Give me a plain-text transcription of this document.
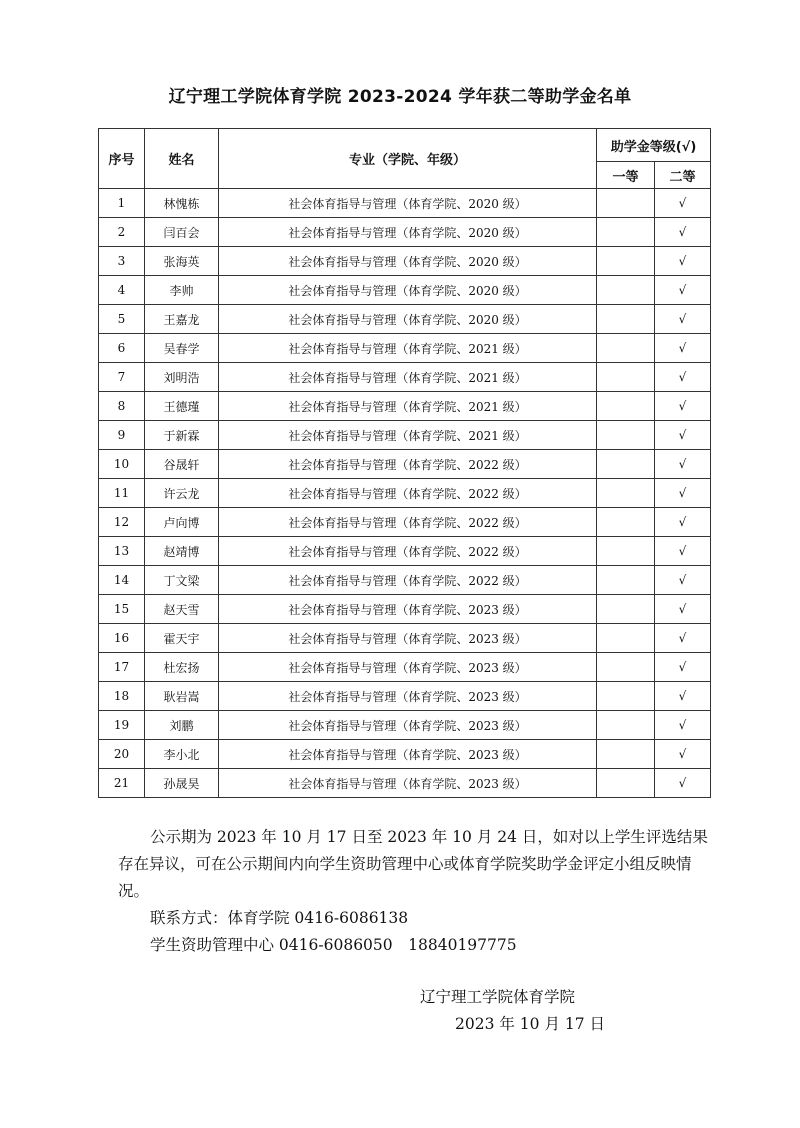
辽宁理工学院体育学院 2023-2024 学年获二等助学金名单
序号	姓名	专业（学院、年级）	助学金等级(√)	
			一等	二等
1	林愧栋	社会体育指导与管理（体育学院、2020 级）		√
2	闫百会	社会体育指导与管理（体育学院、2020 级）		√
3	张海英	社会体育指导与管理（体育学院、2020 级）		√
4	李帅	社会体育指导与管理（体育学院、2020 级）		√
5	王嘉龙	社会体育指导与管理（体育学院、2020 级）		√
6	吴春学	社会体育指导与管理（体育学院、2021 级）		√
7	刘明浩	社会体育指导与管理（体育学院、2021 级）		√
8	王德瑾	社会体育指导与管理（体育学院、2021 级）		√
9	于新霖	社会体育指导与管理（体育学院、2021 级）		√
10	谷晟轩	社会体育指导与管理（体育学院、2022 级）		√
11	许云龙	社会体育指导与管理（体育学院、2022 级）		√
12	卢向博	社会体育指导与管理（体育学院、2022 级）		√
13	赵靖博	社会体育指导与管理（体育学院、2022 级）		√
14	丁文梁	社会体育指导与管理（体育学院、2022 级）		√
15	赵天雪	社会体育指导与管理（体育学院、2023 级）		√
16	霍天宇	社会体育指导与管理（体育学院、2023 级）		√
17	杜宏扬	社会体育指导与管理（体育学院、2023 级）		√
18	耿岩嵩	社会体育指导与管理（体育学院、2023 级）		√
19	刘鹏	社会体育指导与管理（体育学院、2023 级）		√
20	李小北	社会体育指导与管理（体育学院、2023 级）		√
21	孙晟昊	社会体育指导与管理（体育学院、2023 级）		√

公示期为 2023 年 10 月 17 日至 2023 年 10 月 24 日，如对以上学生评选结果存在异议，可在公示期间内向学生资助管理中心或体育学院奖助学金评定小组反映情况。

联系方式：体育学院 0416-6086138

学生资助管理中心 0416-6086050　18840197775

辽宁理工学院体育学院
2023 年 10 月 17 日
